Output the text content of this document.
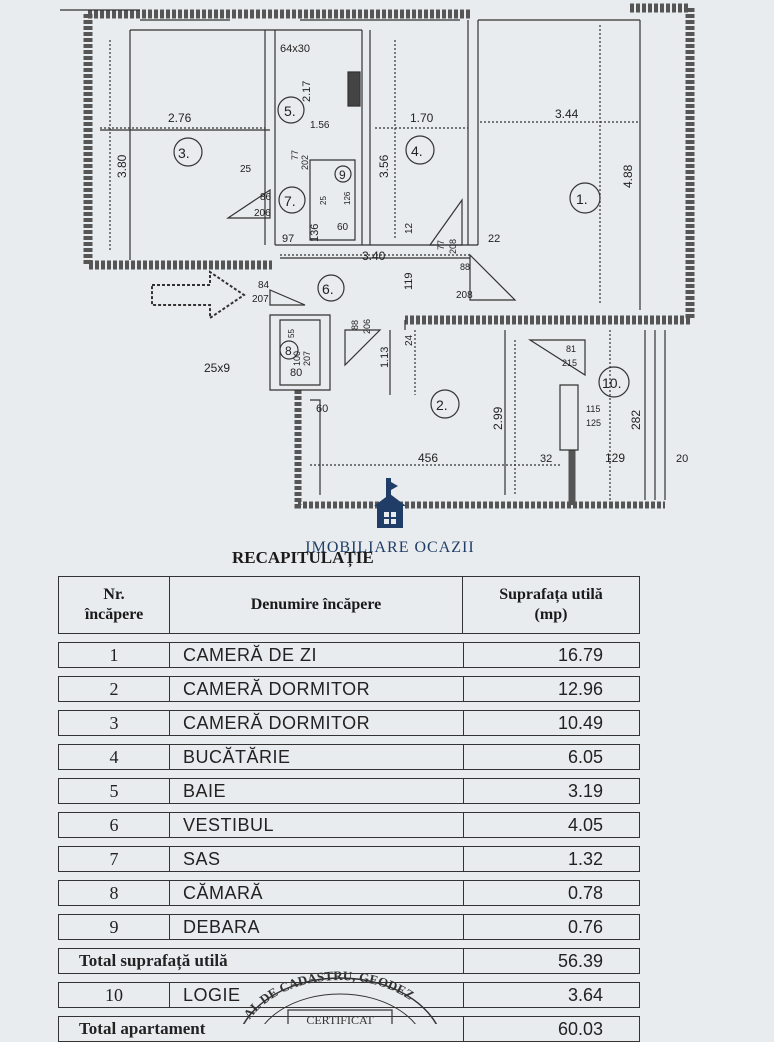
3.
5.
4.
1.
2.
6.
7.
8
9
10.
2.76
3.80
2.17
1.56
1.70
3.56
3.44
4.88
3.40
97 136 60	12
22
119
24
1.13
60	2.99
456	32	129
282
20
64x30
25
77 202
86
206
25 126
77 208
88
208
84
207
88 206
55
100 207
80
25x9
81
215
115
125
IMOBILIARE OCAZII
RECAPITULAȚIE
Nr.
încăpere
Denumire încăpere
Suprafața utilă
(mp)
1	CAMERĂ DE ZI	16.79
2	CAMERĂ DORMITOR	12.96
3	CAMERĂ DORMITOR	10.49
4	BUCĂTĂRIE	6.05
5	BAIE	3.19
6	VESTIBUL	4.05
7	SAS	1.32
8	CĂMARĂ	0.78
9	DEBARA	0.76
Total suprafață utilă	56.39
10	LOGIE	3.64
Total apartament	60.03
AL DE CADASTRU, GEODEZ
CERTIFICAT
